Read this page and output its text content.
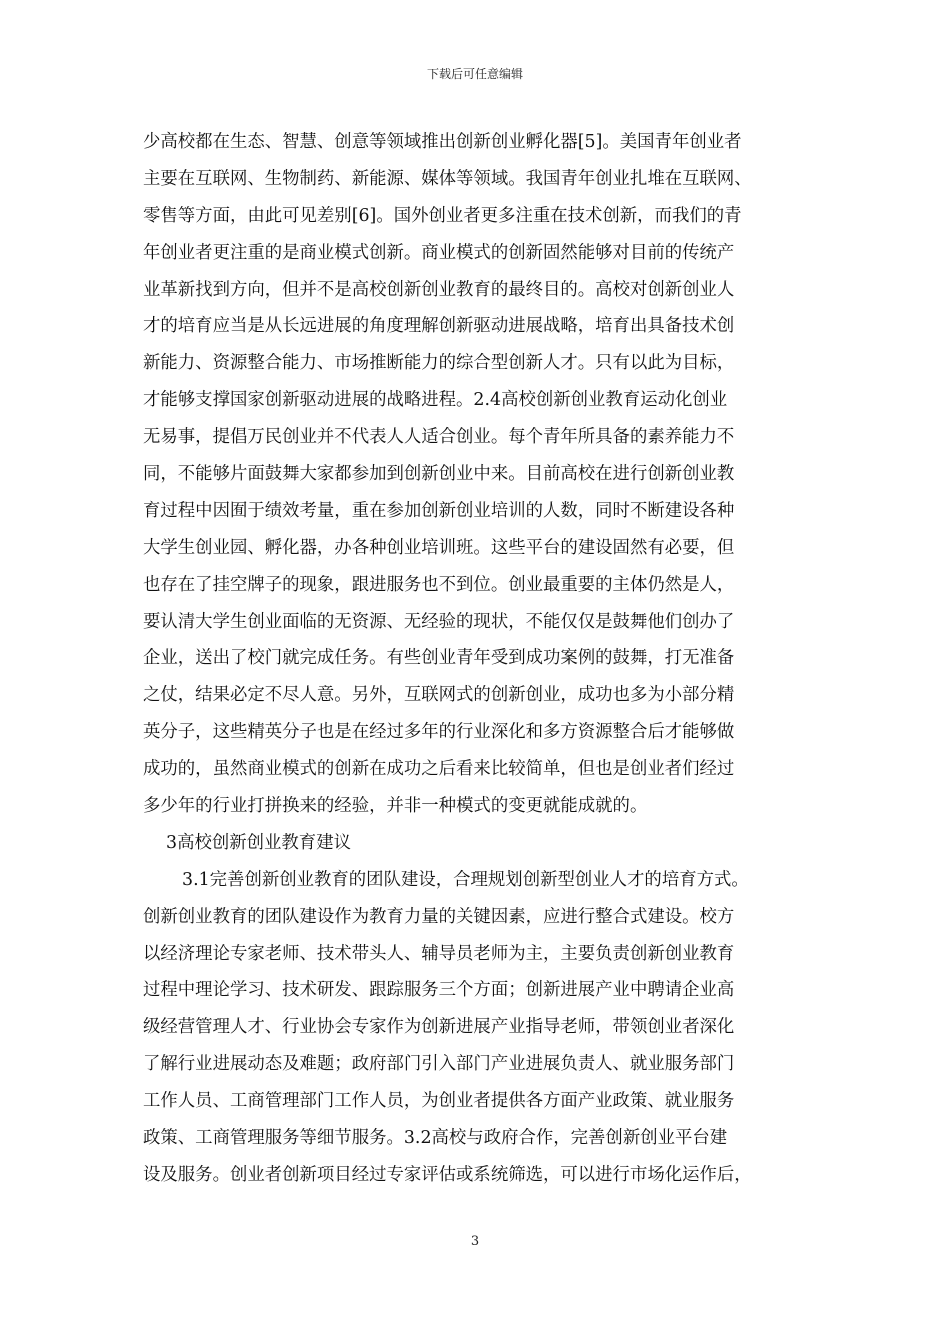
下载后可任意编辑
少高校都在生态、智慧、创意等领域推出创新创业孵化器[5]。美国青年创业者
主要在互联网、生物制药、新能源、媒体等领域。我国青年创业扎堆在互联网、
零售等方面，由此可见差别[6]。国外创业者更多注重在技术创新，而我们的青
年创业者更注重的是商业模式创新。商业模式的创新固然能够对目前的传统产
业革新找到方向，但并不是高校创新创业教育的最终目的。高校对创新创业人
才的培育应当是从长远进展的角度理解创新驱动进展战略，培育出具备技术创
新能力、资源整合能力、市场推断能力的综合型创新人才。只有以此为目标，
才能够支撑国家创新驱动进展的战略进程。2.4高校创新创业教育运动化创业
无易事，提倡万民创业并不代表人人适合创业。每个青年所具备的素养能力不
同，不能够片面鼓舞大家都参加到创新创业中来。目前高校在进行创新创业教
育过程中因囿于绩效考量，重在参加创新创业培训的人数，同时不断建设各种
大学生创业园、孵化器，办各种创业培训班。这些平台的建设固然有必要，但
也存在了挂空牌子的现象，跟进服务也不到位。创业最重要的主体仍然是人，
要认清大学生创业面临的无资源、无经验的现状，不能仅仅是鼓舞他们创办了
企业，送出了校门就完成任务。有些创业青年受到成功案例的鼓舞，打无准备
之仗，结果必定不尽人意。另外，互联网式的创新创业，成功也多为小部分精
英分子，这些精英分子也是在经过多年的行业深化和多方资源整合后才能够做
成功的，虽然商业模式的创新在成功之后看来比较简单，但也是创业者们经过
多少年的行业打拼换来的经验，并非一种模式的变更就能成就的。
3高校创新创业教育建议
3.1完善创新创业教育的团队建设，合理规划创新型创业人才的培育方式。
创新创业教育的团队建设作为教育力量的关键因素，应进行整合式建设。校方
以经济理论专家老师、技术带头人、辅导员老师为主，主要负责创新创业教育
过程中理论学习、技术研发、跟踪服务三个方面；创新进展产业中聘请企业高
级经营管理人才、行业协会专家作为创新进展产业指导老师，带领创业者深化
了解行业进展动态及难题；政府部门引入部门产业进展负责人、就业服务部门
工作人员、工商管理部门工作人员，为创业者提供各方面产业政策、就业服务
政策、工商管理服务等细节服务。3.2高校与政府合作，完善创新创业平台建
设及服务。创业者创新项目经过专家评估或系统筛选，可以进行市场化运作后，
3
